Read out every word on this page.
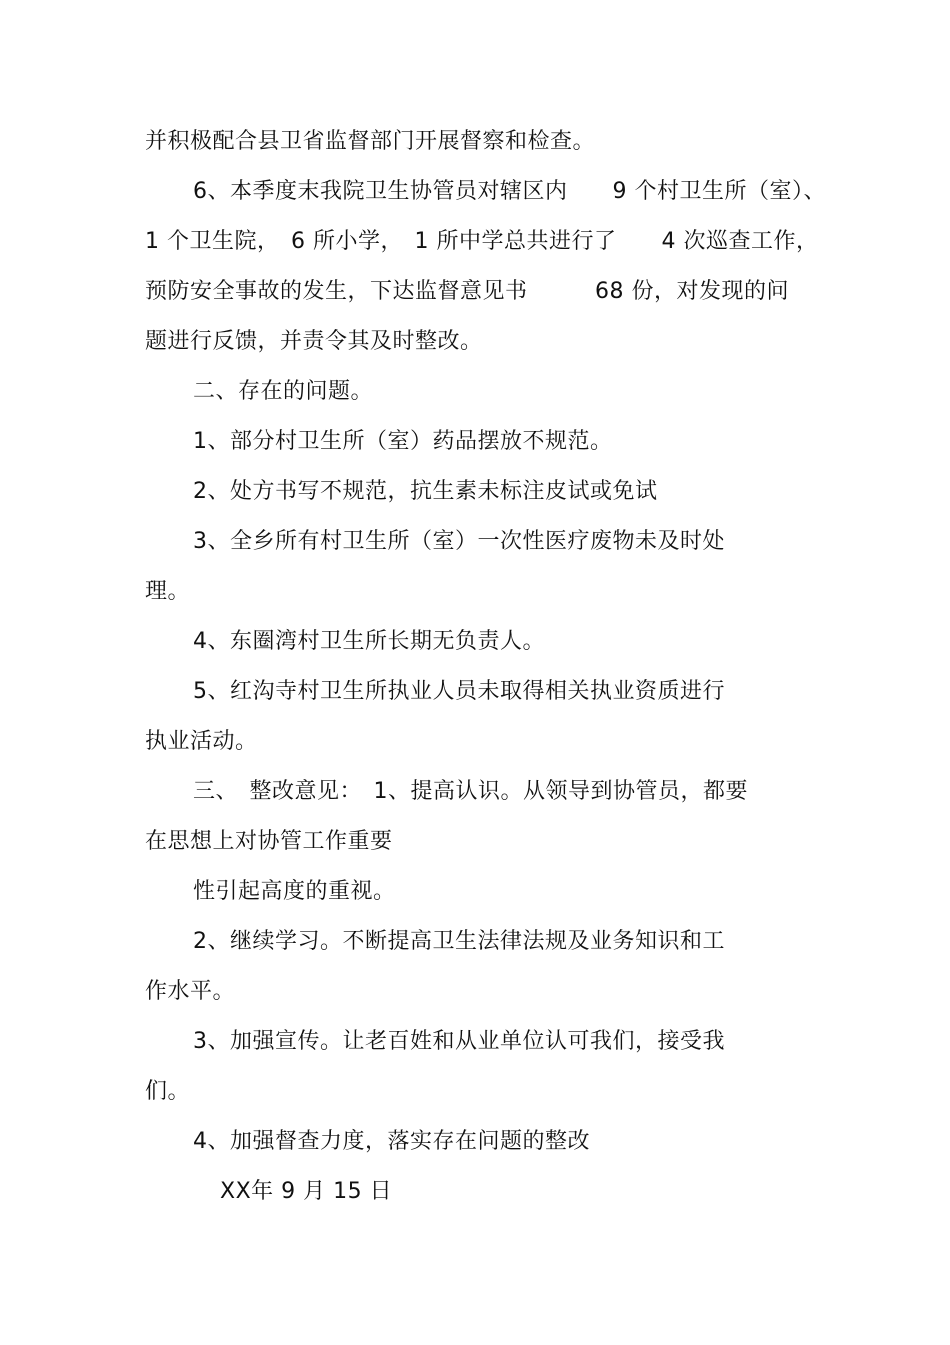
并积极配合县卫省监督部门开展督察和检查。
6、本季度末我院卫生协管员对辖区内　　9 个村卫生所（室）、
1 个卫生院，　6 所小学，　1 所中学总共进行了　　4 次巡查工作，
预防安全事故的发生，下达监督意见书　　　68 份，对发现的问
题进行反馈，并责令其及时整改。
二、存在的问题。
1、部分村卫生所（室）药品摆放不规范。
2、处方书写不规范，抗生素未标注皮试或免试
3、全乡所有村卫生所（室）一次性医疗废物未及时处
理。
4、东圈湾村卫生所长期无负责人。
5、红沟寺村卫生所执业人员未取得相关执业资质进行
执业活动。
三、　整改意见：　1、提高认识。从领导到协管员，都要
在思想上对协管工作重要
性引起高度的重视。
2、继续学习。不断提高卫生法律法规及业务知识和工
作水平。
3、加强宣传。让老百姓和从业单位认可我们，接受我
们。
4、加强督查力度，落实存在问题的整改
XX年 9 月 15 日
